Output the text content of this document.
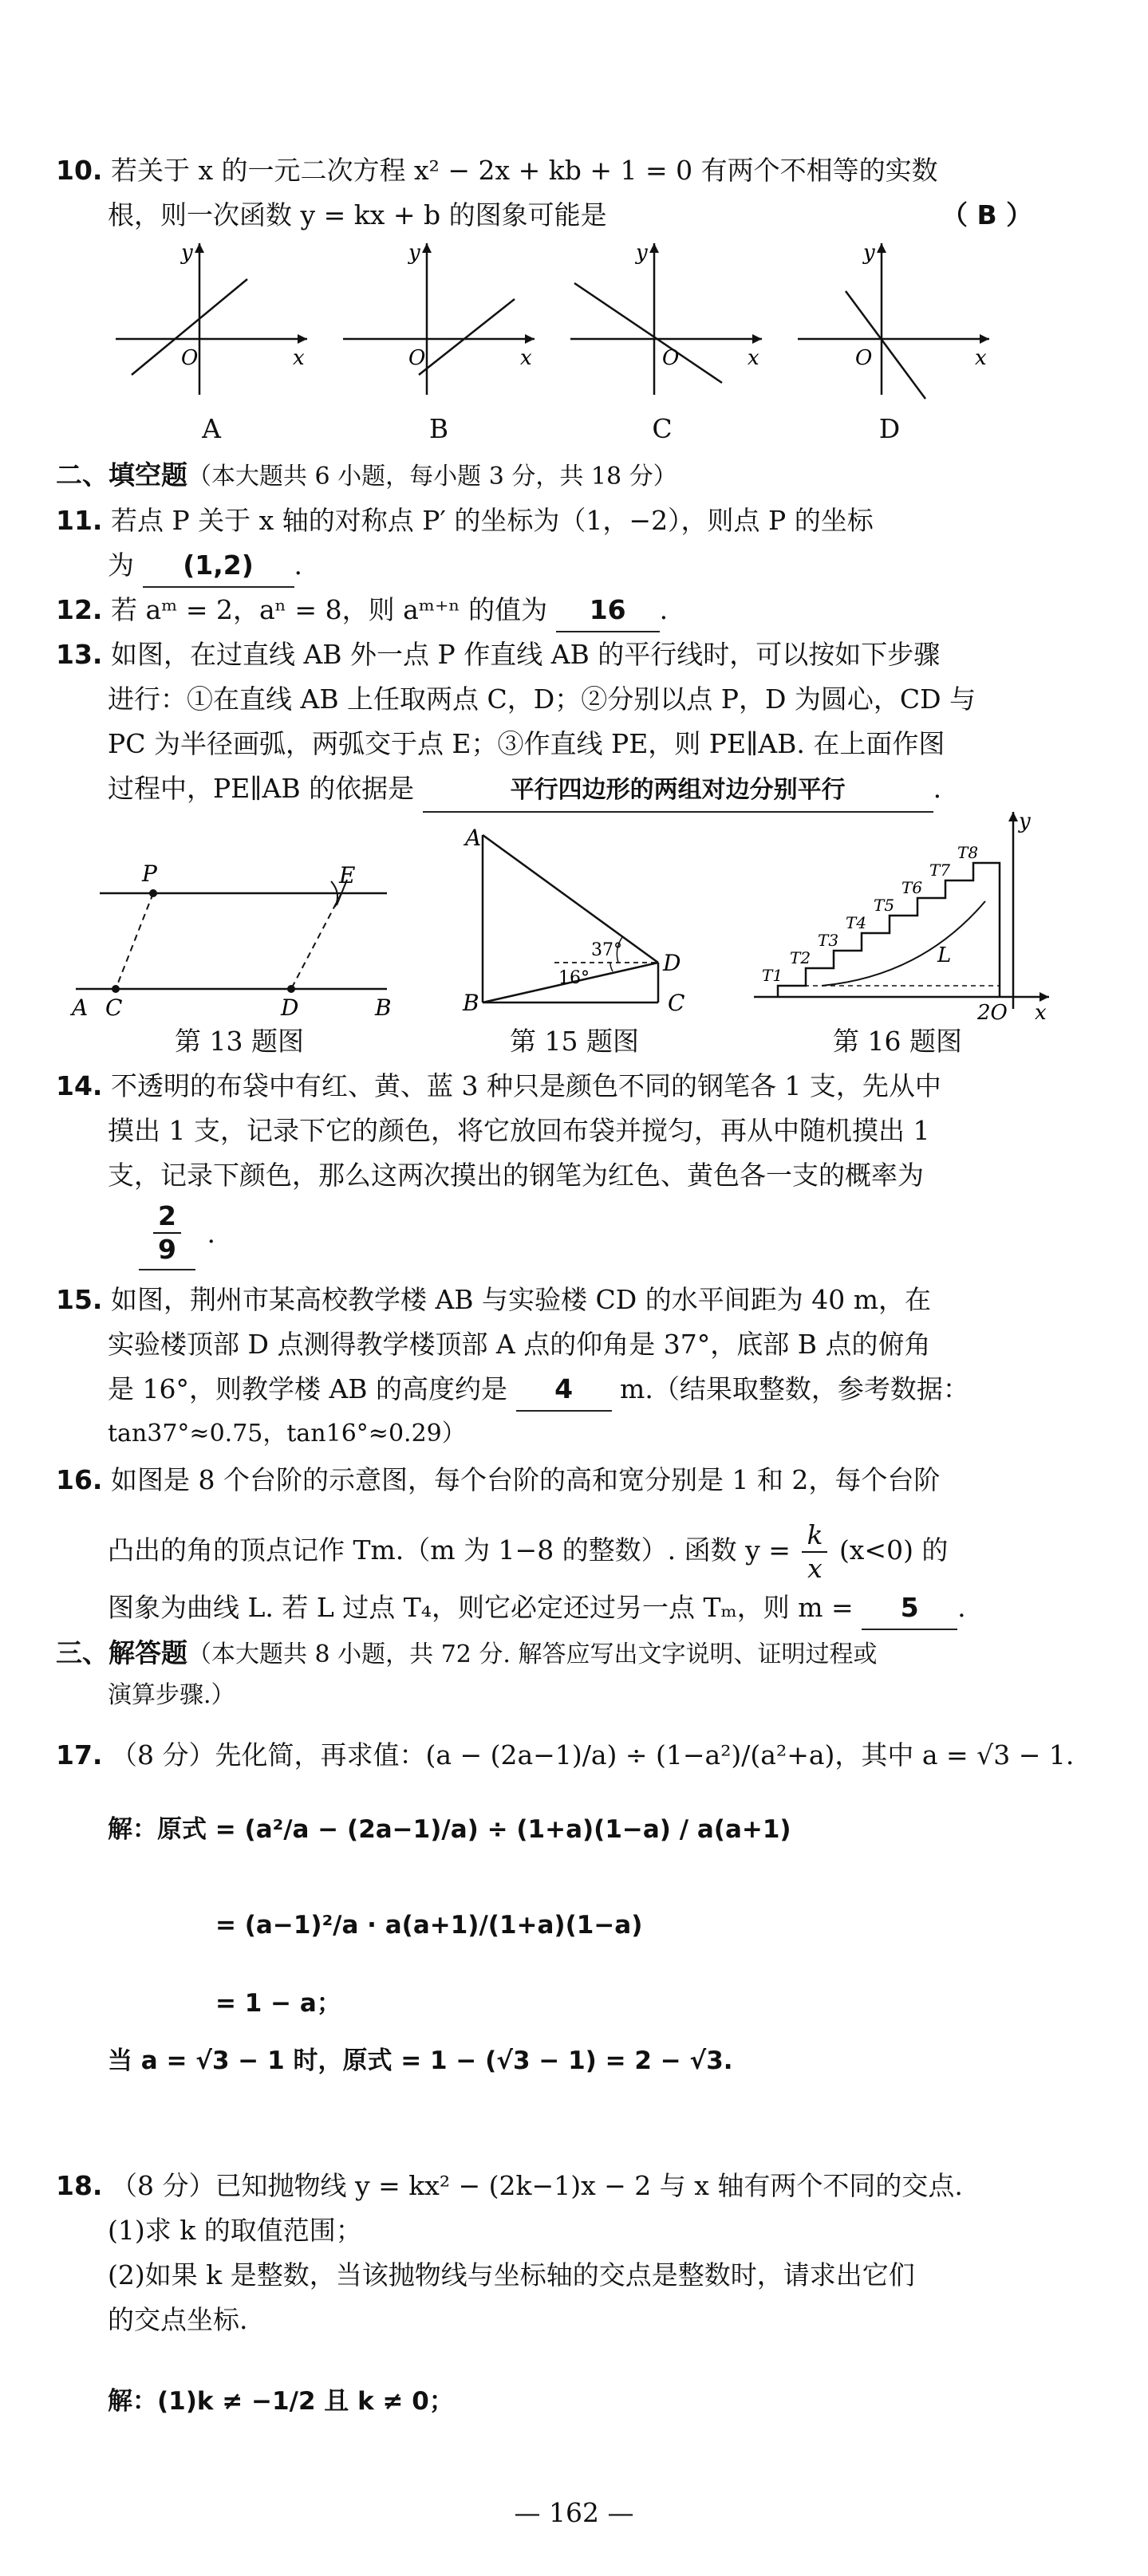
10. 若关于 x 的一元二次方程 x² − 2x + kb + 1 = 0 有两个不相等的实数
根，则一次函数 y = kx + b 的图象可能是	（ B ）
y
O	x
A
y
O	x
B
y
O	x
C
y
O	x
D
二、填空题（本大题共 6 小题，每小题 3 分，共 18 分）
11. 若点 P 关于 x 轴的对称点 P′ 的坐标为（1，−2），则点 P 的坐标
为 (1,2) .
12. 若 aᵐ = 2，aⁿ = 8，则 aᵐ⁺ⁿ 的值为 16 .
13. 如图，在过直线 AB 外一点 P 作直线 AB 的平行线时，可以按如下步骤
进行：①在直线 AB 上任取两点 C，D；②分别以点 P，D 为圆心，CD 与
PC 为半径画弧，两弧交于点 E；③作直线 PE，则 PE∥AB. 在上面作图
过程中，PE∥AB 的依据是	平行四边形的两组对边分别平行	.
P	E
A C	D	B
第 13 题图
A
B	C
D
37°
16°
第 15 题图
y
x
2O
L
T1
T2
T3
T4
T5
T6
T7
T8
第 16 题图
14. 不透明的布袋中有红、黄、蓝 3 种只是颜色不同的钢笔各 1 支，先从中
摸出 1 支，记录下它的颜色，将它放回布袋并搅匀，再从中随机摸出 1
支，记录下颜色，那么这两次摸出的钢笔为红色、黄色各一支的概率为
$\frac{2}{9}$ .
15. 如图，荆州市某高校教学楼 AB 与实验楼 CD 的水平间距为 40 m，在
实验楼顶部 D 点测得教学楼顶部 A 点的仰角是 37°，底部 B 点的俯角
是 16°，则教学楼 AB 的高度约是 4 m.（结果取整数，参考数据：
tan37°≈0.75，tan16°≈0.29）
16. 如图是 8 个台阶的示意图，每个台阶的高和宽分别是 1 和 2，每个台阶
凸出的角的顶点记作 Tm.（m 为 1−8 的整数）. 函数 $y = \frac{k}{x} (x<0)$ 的
图象为曲线 L. 若 L 过点 T₄，则它必定还过另一点 Tₘ，则 m = 5 .
三、解答题（本大题共 8 小题，共 72 分. 解答应写出文字说明、证明过程或
演算步骤.）
17. （8 分）先化简，再求值：(a − (2a−1)/a) ÷ (1−a²)/(a²+a)，其中 a = √3 − 1.
解：原式 = (a²/a − (2a−1)/a) ÷ (1+a)(1−a) / a(a+1)
= (a−1)²/a · a(a+1)/(1+a)(1−a)
= 1 − a；
当 a = √3 − 1 时，原式 = 1 − (√3 − 1) = 2 − √3.
18. （8 分）已知抛物线 y = kx² − (2k−1)x − 2 与 x 轴有两个不同的交点.
(1)求 k 的取值范围；
(2)如果 k 是整数，当该抛物线与坐标轴的交点是整数时，请求出它们
的交点坐标.
解：(1)k ≠ −1/2 且 k ≠ 0；
— 162 —
